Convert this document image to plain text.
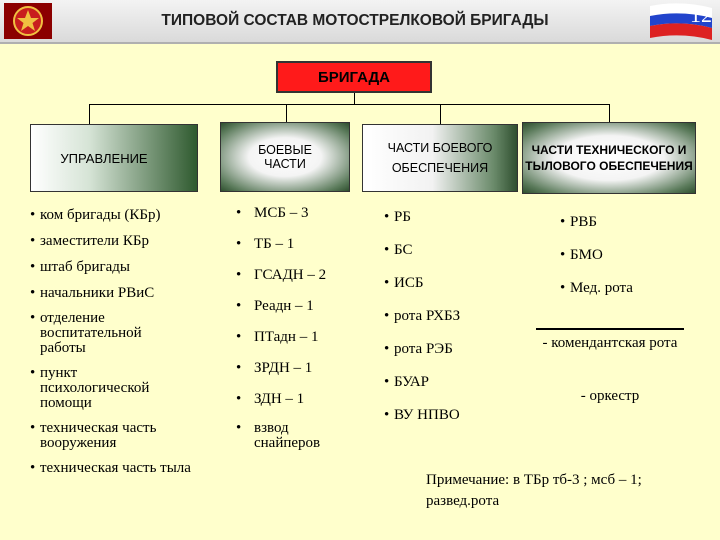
ТИПОВОЙ СОСТАВ МОТОСТРЕЛКОВОЙ БРИГАДЫ	12
БРИГАДА
УПРАВЛЕНИЕ
БОЕВЫЕ ЧАСТИ
ЧАСТИ БОЕВОГО ОБЕСПЕЧЕНИЯ
ЧАСТИ ТЕХНИЧЕСКОГО И ТЫЛОВОГО ОБЕСПЕЧЕНИЯ
• ком бригады (КБр)
• заместители КБр
• штаб бригады
• начальники РВиС
• отделение воспитательной работы
• пункт психологической помощи
• техническая часть вооружения
• техническая часть тыла
• МСБ – 3
• ТБ – 1
• ГСАДН – 2
• Реадн – 1
• ПТадн – 1
• ЗРДН – 1
• ЗДН – 1
• взвод снайперов
• РБ
• БС
• ИСБ
• рота РХБЗ
• рота РЭБ
• БУАР
• ВУ НПВО
• РВБ
• БМО
• Мед. рота
- комендантская рота
- оркестр
Примечание: в ТБр тб-3 ; мсб – 1; развед.рота
